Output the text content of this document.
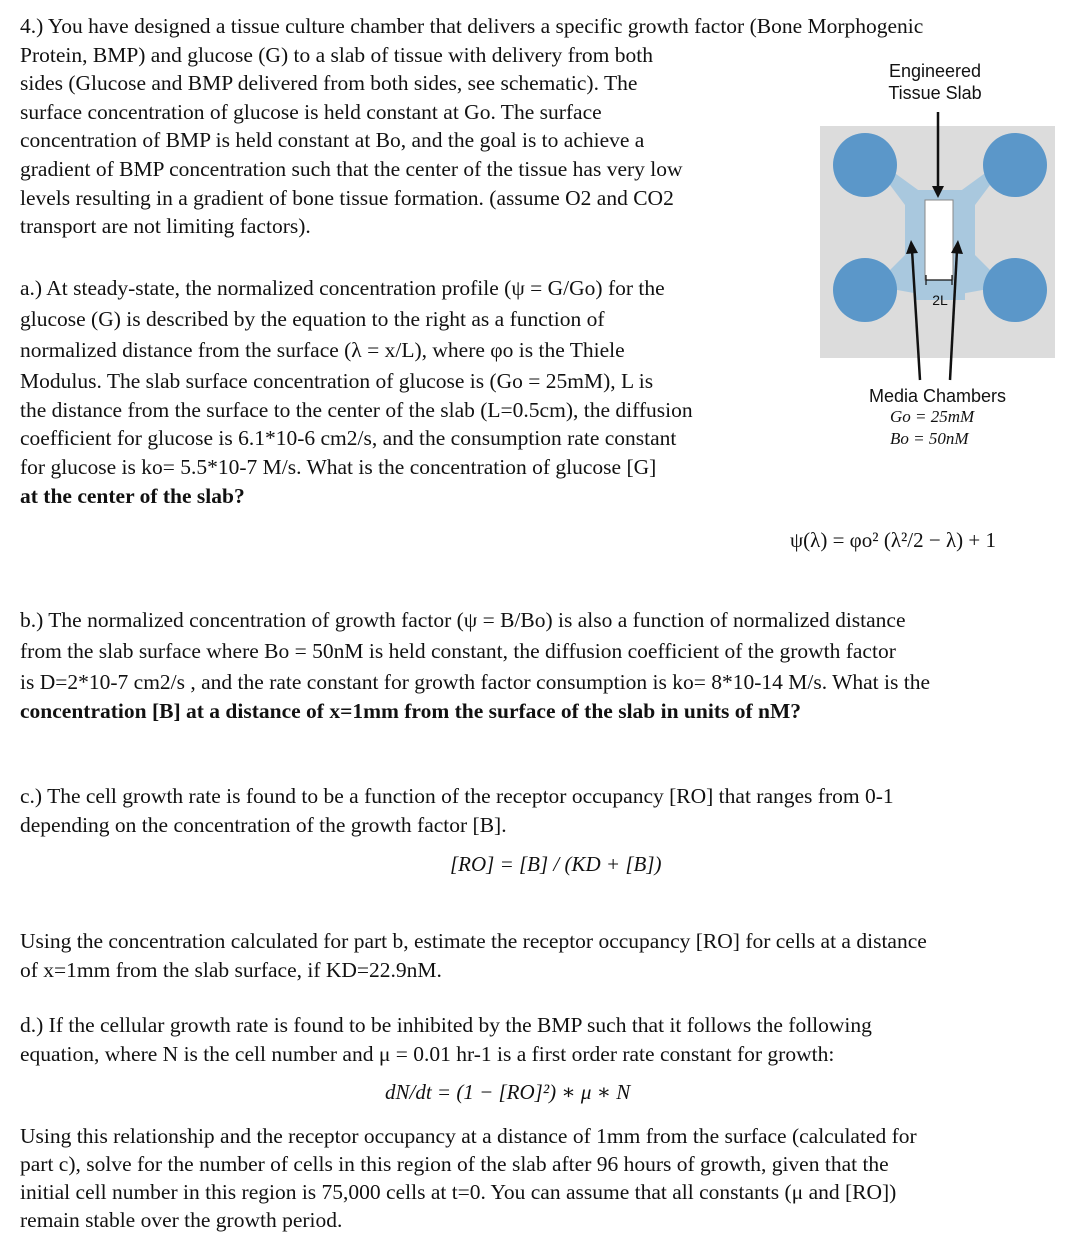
4.) You have designed a tissue culture chamber that delivers a specific growth factor (Bone Morphogenic
Protein, BMP) and glucose (G) to a slab of tissue with delivery from both
sides (Glucose and BMP delivered from both sides, see schematic). The
surface concentration of glucose is held constant at Go. The surface
concentration of BMP is held constant at Bo, and the goal is to achieve a
gradient of BMP concentration such that the center of the tissue has very low
levels resulting in a gradient of bone tissue formation. (assume O2 and CO2
transport are not limiting factors).
Engineered
Tissue Slab
2L
Media Chambers
Go = 25mM
Bo = 50nM
a.) At steady-state, the normalized concentration profile (ψ = G/Go) for the
glucose (G) is described by the equation to the right as a function of
normalized distance from the surface (λ = x/L), where φo is the Thiele
Modulus. The slab surface concentration of glucose is (Go = 25mM), L is
the distance from the surface to the center of the slab (L=0.5cm), the diffusion
coefficient for glucose is 6.1*10-6 cm2/s, and the consumption rate constant
for glucose is ko= 5.5*10-7 M/s. What is the concentration of glucose [G]
at the center of the slab?
ψ(λ) = φo² (λ²/2 − λ) + 1
b.) The normalized concentration of growth factor (ψ = B/Bo) is also a function of normalized distance
from the slab surface where Bo = 50nM is held constant, the diffusion coefficient of the growth factor
is D=2*10-7 cm2/s , and the rate constant for growth factor consumption is ko= 8*10-14 M/s. What is the
concentration [B] at a distance of x=1mm from the surface of the slab in units of nM?
c.) The cell growth rate is found to be a function of the receptor occupancy [RO] that ranges from 0-1
depending on the concentration of the growth factor [B].
[RO] = [B] / (KD + [B])
Using the concentration calculated for part b, estimate the receptor occupancy [RO] for cells at a distance
of x=1mm from the slab surface, if KD=22.9nM.
d.) If the cellular growth rate is found to be inhibited by the BMP such that it follows the following
equation, where N is the cell number and μ = 0.01 hr-1 is a first order rate constant for growth:
dN/dt = (1 − [RO]²) ∗ μ ∗ N
Using this relationship and the receptor occupancy at a distance of 1mm from the surface (calculated for
part c), solve for the number of cells in this region of the slab after 96 hours of growth, given that the
initial cell number in this region is 75,000 cells at t=0. You can assume that all constants (μ and [RO])
remain stable over the growth period.
